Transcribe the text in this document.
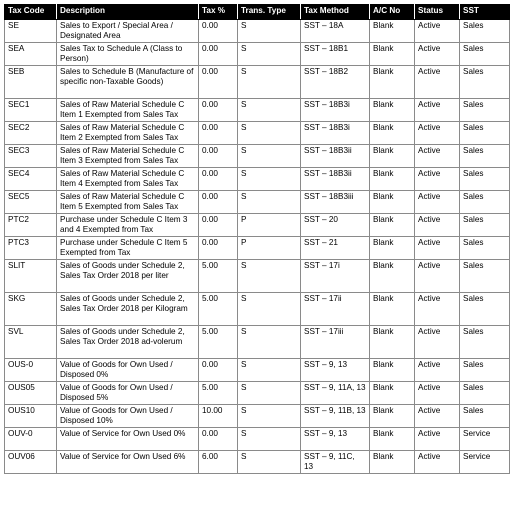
Tax Code	Description	Tax %	Trans. Type	Tax Method	A/C No	Status	SST
SE	Sales to Export / Special Area / Designated Area	0.00	S	SST – 18A	Blank	Active	Sales
SEA	Sales Tax to Schedule A (Class to Person)	0.00	S	SST – 18B1	Blank	Active	Sales
SEB	Sales to Schedule B (Manufacture of specific non-Taxable Goods)	0.00	S	SST – 18B2	Blank	Active	Sales
SEC1	Sales of Raw Material Schedule C Item 1 Exempted from Sales Tax	0.00	S	SST – 18B3i	Blank	Active	Sales
SEC2	Sales of Raw Material Schedule C Item 2 Exempted from Sales Tax	0.00	S	SST – 18B3i	Blank	Active	Sales
SEC3	Sales of Raw Material Schedule C Item 3 Exempted from Sales Tax	0.00	S	SST – 18B3ii	Blank	Active	Sales
SEC4	Sales of Raw Material Schedule C Item 4 Exempted from Sales Tax	0.00	S	SST – 18B3ii	Blank	Active	Sales
SEC5	Sales of Raw Material Schedule C Item 5 Exempted from Sales Tax	0.00	S	SST – 18B3iii	Blank	Active	Sales
PTC2	Purchase under Schedule C Item 3 and 4 Exempted from Tax	0.00	P	SST – 20	Blank	Active	Sales
PTC3	Purchase under Schedule C Item 5 Exempted from Tax	0.00	P	SST – 21	Blank	Active	Sales
SLIT	Sales of Goods under Schedule 2, Sales Tax Order 2018 per liter	5.00	S	SST – 17i	Blank	Active	Sales
SKG	Sales of Goods under Schedule 2, Sales Tax Order 2018 per Kilogram	5.00	S	SST – 17ii	Blank	Active	Sales
SVL	Sales of Goods under Schedule 2, Sales Tax Order 2018 ad-volerum	5.00	S	SST – 17iii	Blank	Active	Sales
OUS-0	Value of Goods for Own Used / Disposed 0%	0.00	S	SST – 9, 13	Blank	Active	Sales
OUS05	Value of Goods for Own Used / Disposed 5%	5.00	S	SST – 9, 11A, 13	Blank	Active	Sales
OUS10	Value of Goods for Own Used / Disposed 10%	10.00	S	SST – 9, 11B, 13	Blank	Active	Sales
OUV-0	Value of Service for Own Used 0%	0.00	S	SST – 9, 13	Blank	Active	Service
OUV06	Value of Service for Own Used 6%	6.00	S	SST – 9, 11C, 13	Blank	Active	Service
